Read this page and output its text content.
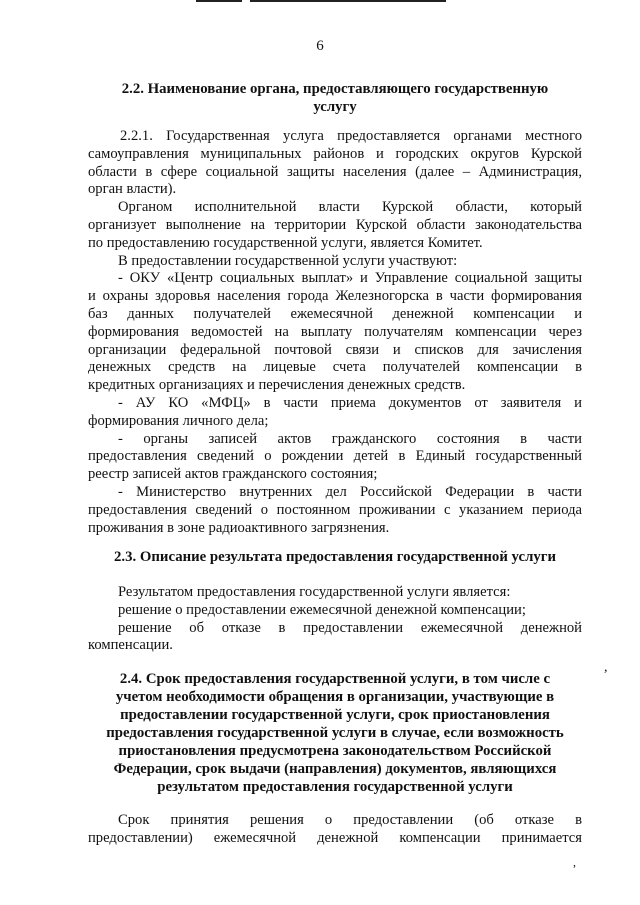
6

2.2. Наименование органа, предоставляющего государственную
услугу

2.2.1. Государственная услуга предоставляется органами местного
самоуправления муниципальных районов и городских округов Курской
области в сфере социальной защиты населения (далее – Администрация,
орган власти).

Органом исполнительной власти Курской области, который
организует выполнение на территории Курской области законодательства
по предоставлению государственной услуги, является Комитет.

В предоставлении государственной услуги участвуют:

- ОКУ «Центр социальных выплат» и Управление социальной защиты
и охраны здоровья населения города Железногорска в части формирования
баз данных получателей ежемесячной денежной компенсации и
формирования ведомостей на выплату получателям компенсации через
организации федеральной почтовой связи и списков для зачисления
денежных средств на лицевые счета получателей компенсации в
кредитных организациях и перечисления денежных средств.

- АУ КО «МФЦ» в части приема документов от заявителя и
формирования личного дела;

- органы записей актов гражданского состояния в части
предоставления сведений о рождении детей в Единый государственный
реестр записей актов гражданского состояния;

- Министерство внутренних дел Российской Федерации в части
предоставления сведений о постоянном проживании с указанием периода
проживания в зоне радиоактивного загрязнения.

2.3. Описание результата предоставления государственной услуги

Результатом предоставления государственной услуги является:
решение о предоставлении ежемесячной денежной компенсации;
решение об отказе в предоставлении ежемесячной денежной
компенсации.

2.4. Срок предоставления государственной услуги, в том числе с
учетом необходимости обращения в организации, участвующие в
предоставлении государственной услуги, срок приостановления
предоставления государственной услуги в случае, если возможность
приостановления предусмотрена законодательством Российской
Федерации, срок выдачи (направления) документов, являющихся
результатом предоставления государственной услуги

Срок принятия решения о предоставлении (об отказе в
предоставлении) ежемесячной денежной компенсации принимается

,
,
